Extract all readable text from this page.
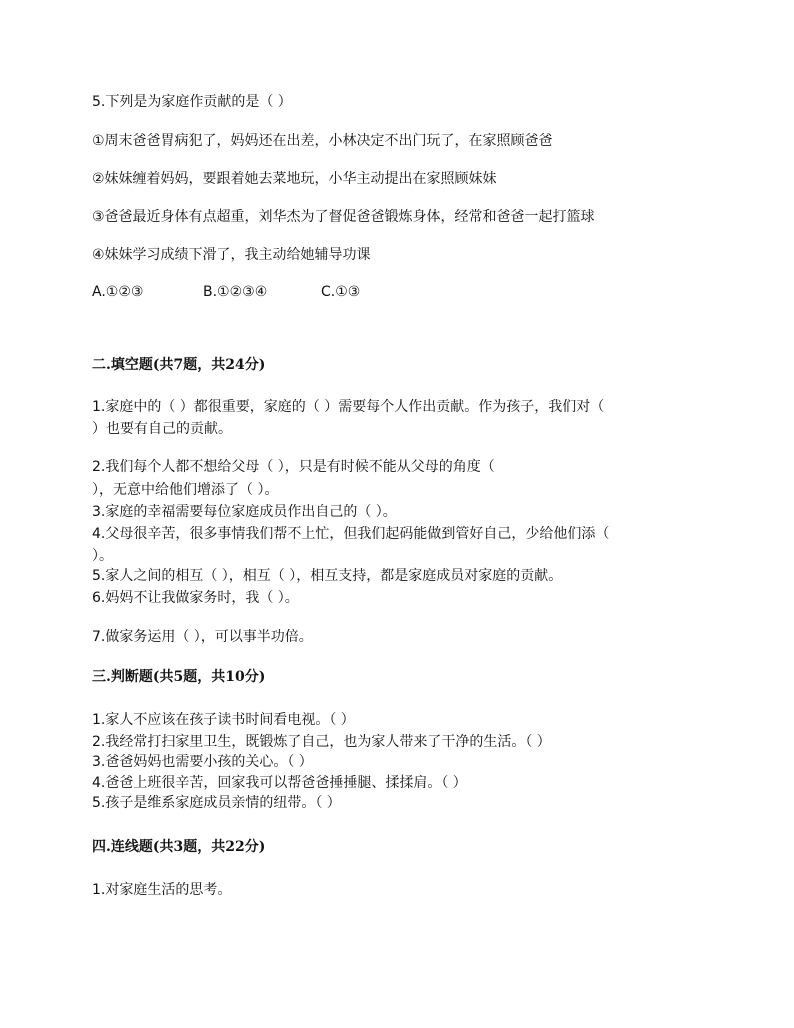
5.下列是为家庭作贡献的是（ ）
①周末爸爸胃病犯了，妈妈还在出差，小林决定不出门玩了，在家照顾爸爸
②妹妹缠着妈妈，要跟着她去菜地玩，小华主动提出在家照顾妹妹
③爸爸最近身体有点超重，刘华杰为了督促爸爸锻炼身体，经常和爸爸一起打篮球
④妹妹学习成绩下滑了，我主动给她辅导功课
A.①②③	B.①②③④	C.①③
二.填空题(共7题，共24分)
1.家庭中的（ ）都很重要，家庭的（ ）需要每个人作出贡献。作为孩子，我们对（
）也要有自己的贡献。
2.我们每个人都不想给父母（ ），只是有时候不能从父母的角度（
），无意中给他们增添了（ ）。
3.家庭的幸福需要每位家庭成员作出自己的（ ）。
4.父母很辛苦，很多事情我们帮不上忙，但我们起码能做到管好自己，少给他们添（
）。
5.家人之间的相互（ ），相互（ ），相互支持，都是家庭成员对家庭的贡献。
6.妈妈不让我做家务时，我（ ）。
7.做家务运用（ ），可以事半功倍。
三.判断题(共5题，共10分)
1.家人不应该在孩子读书时间看电视。（ ）
2.我经常打扫家里卫生，既锻炼了自己，也为家人带来了干净的生活。（ ）
3.爸爸妈妈也需要小孩的关心。（ ）
4.爸爸上班很辛苦，回家我可以帮爸爸捶捶腿、揉揉肩。（ ）
5.孩子是维系家庭成员亲情的纽带。（ ）
四.连线题(共3题，共22分)
1.对家庭生活的思考。
